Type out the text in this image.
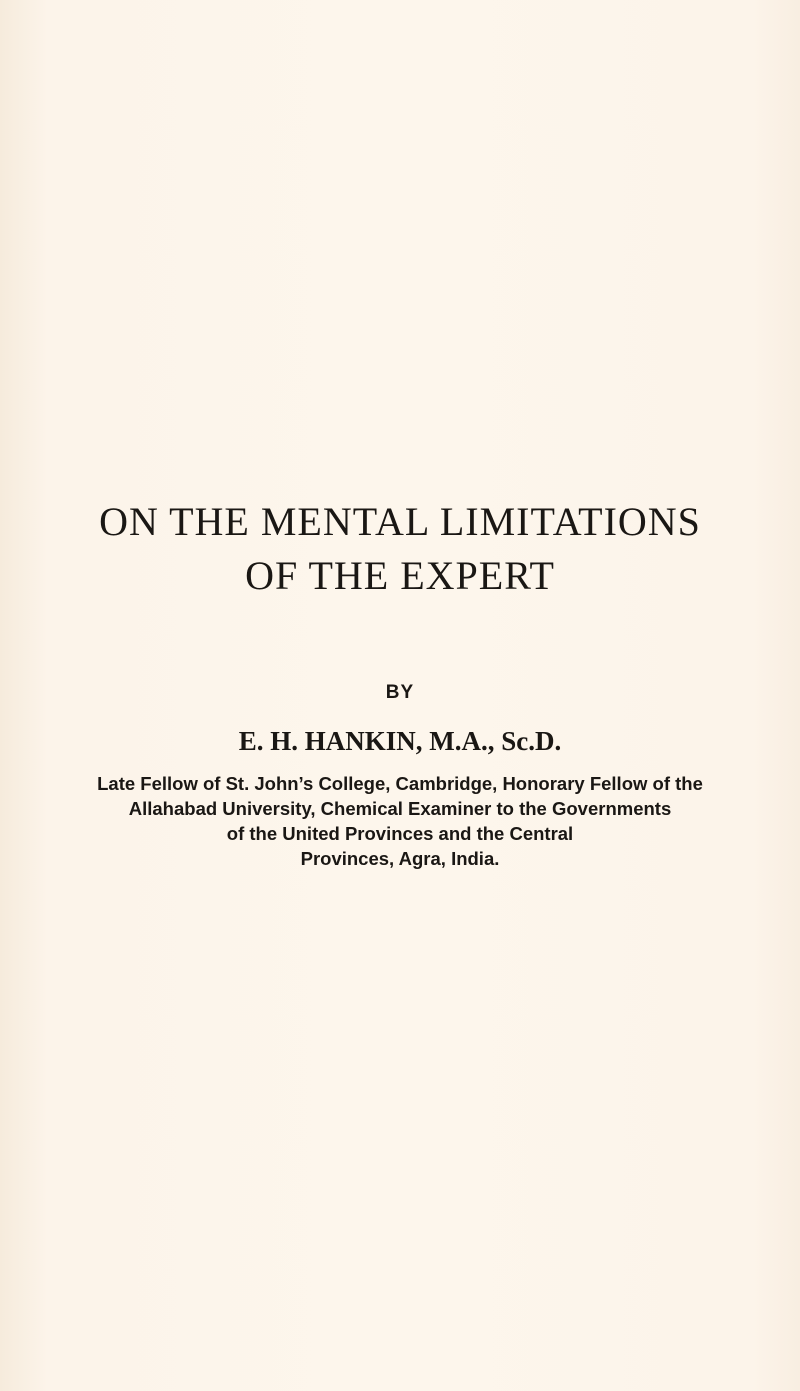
ON THE MENTAL LIMITATIONS
OF THE EXPERT
BY
E. H. HANKIN, M.A., Sc.D.
Late Fellow of St. John’s College, Cambridge, Honorary Fellow of the
Allahabad University, Chemical Examiner to the Governments
of the United Provinces and the Central
Provinces, Agra, India.
